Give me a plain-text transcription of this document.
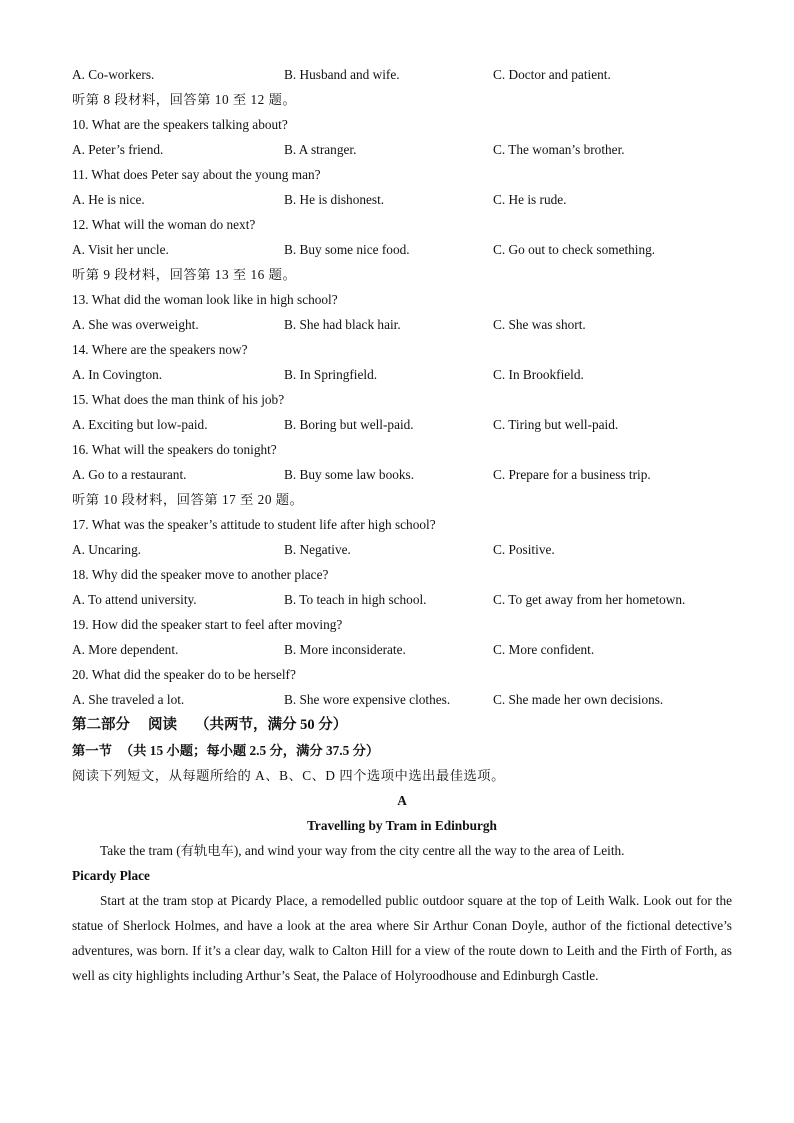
A. Co-workers.	B. Husband and wife.	C. Doctor and patient.
听第 8 段材料，回答第 10 至 12 题。
10. What are the speakers talking about?
A. Peter’s friend.	B. A stranger.	C. The woman’s brother.
11. What does Peter say about the young man?
A. He is nice.	B. He is dishonest.	C. He is rude.
12. What will the woman do next?
A. Visit her uncle.	B. Buy some nice food.	C. Go out to check something.
听第 9 段材料，回答第 13 至 16 题。
13. What did the woman look like in high school?
A. She was overweight.	B. She had black hair.	C. She was short.
14. Where are the speakers now?
A. In Covington.	B. In Springfield.	C. In Brookfield.
15. What does the man think of his job?
A. Exciting but low-paid.	B. Boring but well-paid.	C. Tiring but well-paid.
16. What will the speakers do tonight?
A. Go to a restaurant.	B. Buy some law books.	C. Prepare for a business trip.
听第 10 段材料，回答第 17 至 20 题。
17. What was the speaker’s attitude to student life after high school?
A. Uncaring.	B. Negative.	C. Positive.
18. Why did the speaker move to another place?
A. To attend university.	B. To teach in high school.	C. To get away from her hometown.
19. How did the speaker start to feel after moving?
A. More dependent.	B. More inconsiderate.	C. More confident.
20. What did the speaker do to be herself?
A. She traveled a lot.	B. She wore expensive clothes.	C. She made her own decisions.
第二部分 阅读 （共两节，满分 50 分）
第一节 （共 15 小题；每小题 2.5 分，满分 37.5 分）
阅读下列短文，从每题所给的 A、B、C、D 四个选项中选出最佳选项。
A
Travelling by Tram in Edinburgh
Take the tram (有轨电车), and wind your way from the city centre all the way to the area of Leith.
Picardy Place
Start at the tram stop at Picardy Place, a remodelled public outdoor square at the top of Leith Walk. Look out for the statue of Sherlock Holmes, and have a look at the area where Sir Arthur Conan Doyle, author of the fictional detective’s adventures, was born. If it’s a clear day, walk to Calton Hill for a view of the route down to Leith and the Firth of Forth, as well as city highlights including Arthur’s Seat, the Palace of Holyroodhouse and Edinburgh Castle.
